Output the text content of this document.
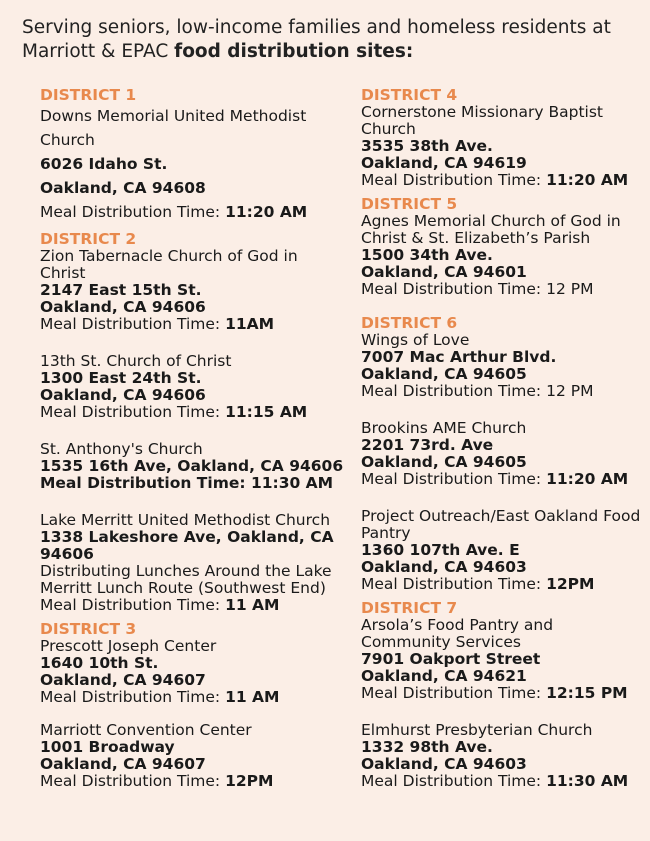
Serving seniors, low-income families and homeless residents at Marriott & EPAC food distribution sites:
DISTRICT 1
Downs Memorial United Methodist Church
6026 Idaho St.
Oakland, CA 94608
Meal Distribution Time: 11:20 AM
DISTRICT 2
Zion Tabernacle Church of God in Christ
2147 East 15th St.
Oakland, CA 94606
Meal Distribution Time: 11AM
13th St. Church of Christ
1300 East 24th St.
Oakland, CA 94606
Meal Distribution Time: 11:15 AM
St. Anthony's Church
1535 16th Ave, Oakland, CA 94606
Meal Distribution Time: 11:30 AM
Lake Merritt United Methodist Church
1338 Lakeshore Ave, Oakland, CA 94606
Distributing Lunches Around the Lake Merritt Lunch Route (Southwest End)
Meal Distribution Time: 11 AM
DISTRICT 3
Prescott Joseph Center
1640 10th St.
Oakland, CA 94607
Meal Distribution Time: 11 AM
Marriott Convention Center
1001 Broadway
Oakland, CA 94607
Meal Distribution Time: 12PM
DISTRICT 4
Cornerstone Missionary Baptist Church
3535 38th Ave.
Oakland, CA 94619
Meal Distribution Time: 11:20 AM
DISTRICT 5
Agnes Memorial Church of God in Christ & St. Elizabeth’s Parish
1500 34th Ave.
Oakland, CA 94601
Meal Distribution Time: 12 PM
DISTRICT 6
Wings of Love
7007 Mac Arthur Blvd.
Oakland, CA 94605
Meal Distribution Time: 12 PM
Brookins AME Church
2201 73rd. Ave
Oakland, CA 94605
Meal Distribution Time: 11:20 AM
Project Outreach/East Oakland Food Pantry
1360 107th Ave. E
Oakland, CA 94603
Meal Distribution Time: 12PM
DISTRICT 7
Arsola’s Food Pantry and Community Services
7901 Oakport Street
Oakland, CA 94621
Meal Distribution Time: 12:15 PM
Elmhurst Presbyterian Church
1332 98th Ave.
Oakland, CA 94603
Meal Distribution Time: 11:30 AM
